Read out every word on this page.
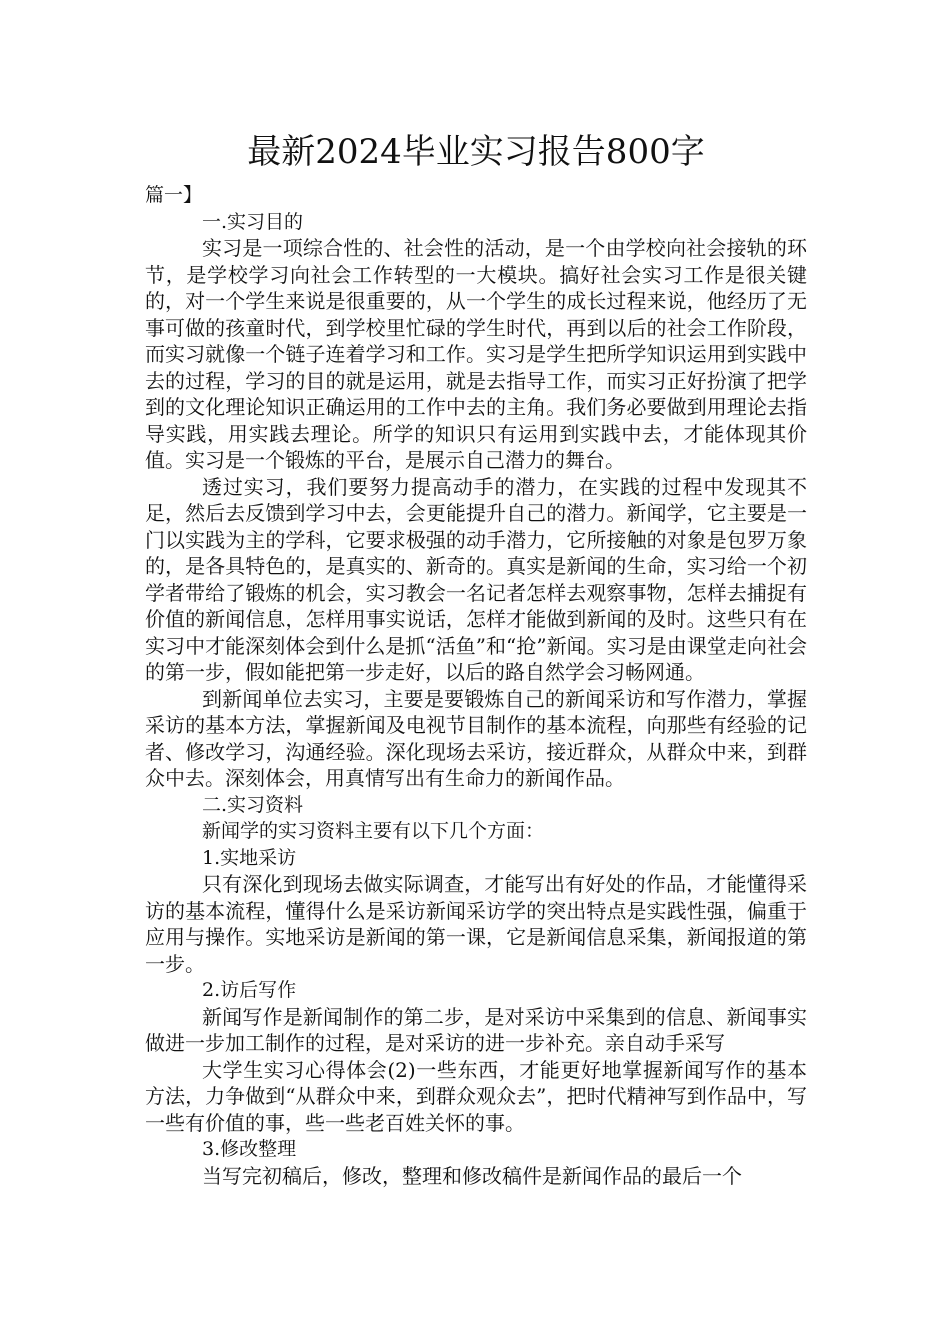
最新2024毕业实习报告800字
篇一】

一.实习目的

实习是一项综合性的、社会性的活动，是一个由学校向社会接轨的环节，是学校学习向社会工作转型的一大模块。搞好社会实习工作是很关键的，对一个学生来说是很重要的，从一个学生的成长过程来说，他经历了无事可做的孩童时代，到学校里忙碌的学生时代，再到以后的社会工作阶段，而实习就像一个链子连着学习和工作。实习是学生把所学知识运用到实践中去的过程，学习的目的就是运用，就是去指导工作，而实习正好扮演了把学到的文化理论知识正确运用的工作中去的主角。我们务必要做到用理论去指导实践，用实践去理论。所学的知识只有运用到实践中去，才能体现其价值。实习是一个锻炼的平台，是展示自己潜力的舞台。

透过实习，我们要努力提高动手的潜力，在实践的过程中发现其不足，然后去反馈到学习中去，会更能提升自己的潜力。新闻学，它主要是一门以实践为主的学科，它要求极强的动手潜力，它所接触的对象是包罗万象的，是各具特色的，是真实的、新奇的。真实是新闻的生命，实习给一个初学者带给了锻炼的机会，实习教会一名记者怎样去观察事物，怎样去捕捉有价值的新闻信息，怎样用事实说话，怎样才能做到新闻的及时。这些只有在实习中才能深刻体会到什么是抓“活鱼”和“抢”新闻。实习是由课堂走向社会的第一步，假如能把第一步走好，以后的路自然学会习畅网通。

到新闻单位去实习，主要是要锻炼自己的新闻采访和写作潜力，掌握采访的基本方法，掌握新闻及电视节目制作的基本流程，向那些有经验的记者、修改学习，沟通经验。深化现场去采访，接近群众，从群众中来，到群众中去。深刻体会，用真情写出有生命力的新闻作品。

二.实习资料

新闻学的实习资料主要有以下几个方面：

1.实地采访

只有深化到现场去做实际调查，才能写出有好处的作品，才能懂得采访的基本流程，懂得什么是采访新闻采访学的突出特点是实践性强，偏重于应用与操作。实地采访是新闻的第一课，它是新闻信息采集，新闻报道的第一步。

2.访后写作

新闻写作是新闻制作的第二步，是对采访中采集到的信息、新闻事实做进一步加工制作的过程，是对采访的进一步补充。亲自动手采写

大学生实习心得体会(2)一些东西，才能更好地掌握新闻写作的基本方法，力争做到“从群众中来，到群众观众去”，把时代精神写到作品中，写一些有价值的事，些一些老百姓关怀的事。

3.修改整理

当写完初稿后，修改，整理和修改稿件是新闻作品的最后一个
